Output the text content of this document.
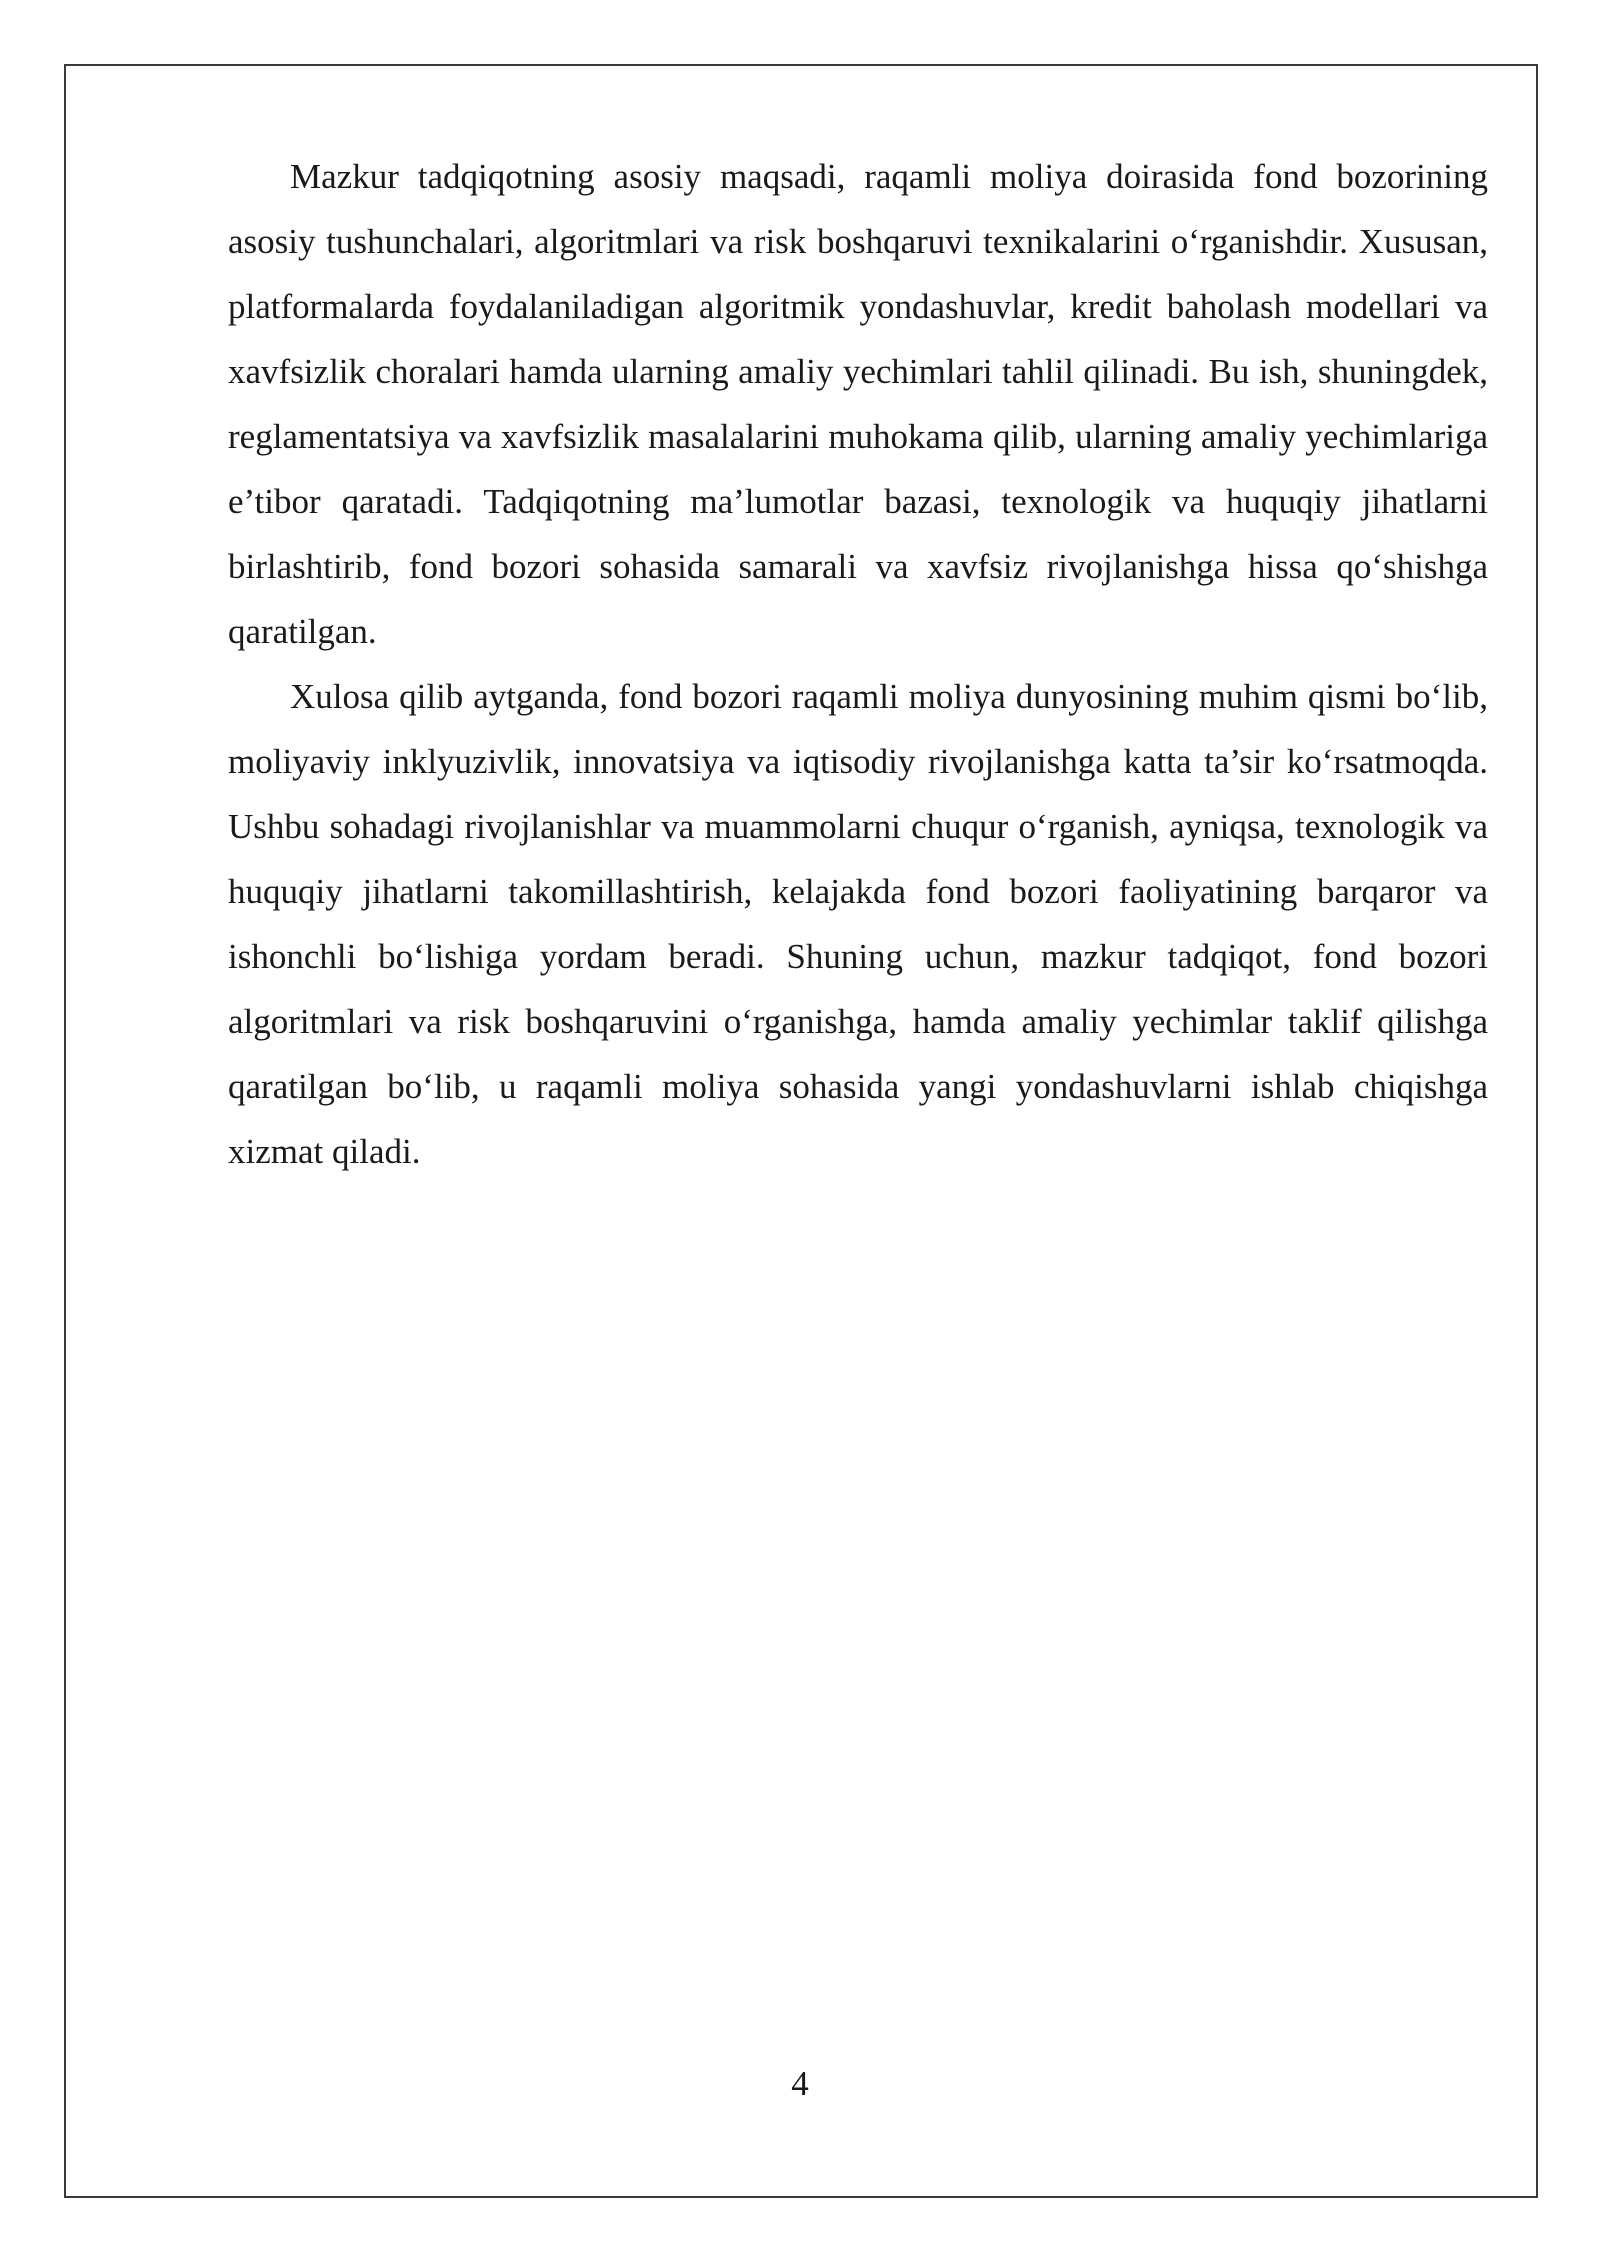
Mazkur tadqiqotning asosiy maqsadi, raqamli moliya doirasida fond bozorining asosiy tushunchalari, algoritmlari va risk boshqaruvi texnikalarini o‘rganishdir. Xususan, platformalarda foydalaniladigan algoritmik yondashuvlar, kredit baholash modellari va xavfsizlik choralari hamda ularning amaliy yechimlari tahlil qilinadi. Bu ish, shuningdek, reglamentatsiya va xavfsizlik masalalarini muhokama qilib, ularning amaliy yechimlariga e’tibor qaratadi. Tadqiqotning ma’lumotlar bazasi, texnologik va huquqiy jihatlarni birlashtirib, fond bozori sohasida samarali va xavfsiz rivojlanishga hissa qo‘shishga qaratilgan.

Xulosa qilib aytganda, fond bozori raqamli moliya dunyosining muhim qismi bo‘lib, moliyaviy inklyuzivlik, innovatsiya va iqtisodiy rivojlanishga katta ta’sir ko‘rsatmoqda. Ushbu sohadagi rivojlanishlar va muammolarni chuqur o‘rganish, ayniqsa, texnologik va huquqiy jihatlarni takomillashtirish, kelajakda fond bozori faoliyatining barqaror va ishonchli bo‘lishiga yordam beradi. Shuning uchun, mazkur tadqiqot, fond bozori algoritmlari va risk boshqaruvini o‘rganishga, hamda amaliy yechimlar taklif qilishga qaratilgan bo‘lib, u raqamli moliya sohasida yangi yondashuvlarni ishlab chiqishga xizmat qiladi.

4
